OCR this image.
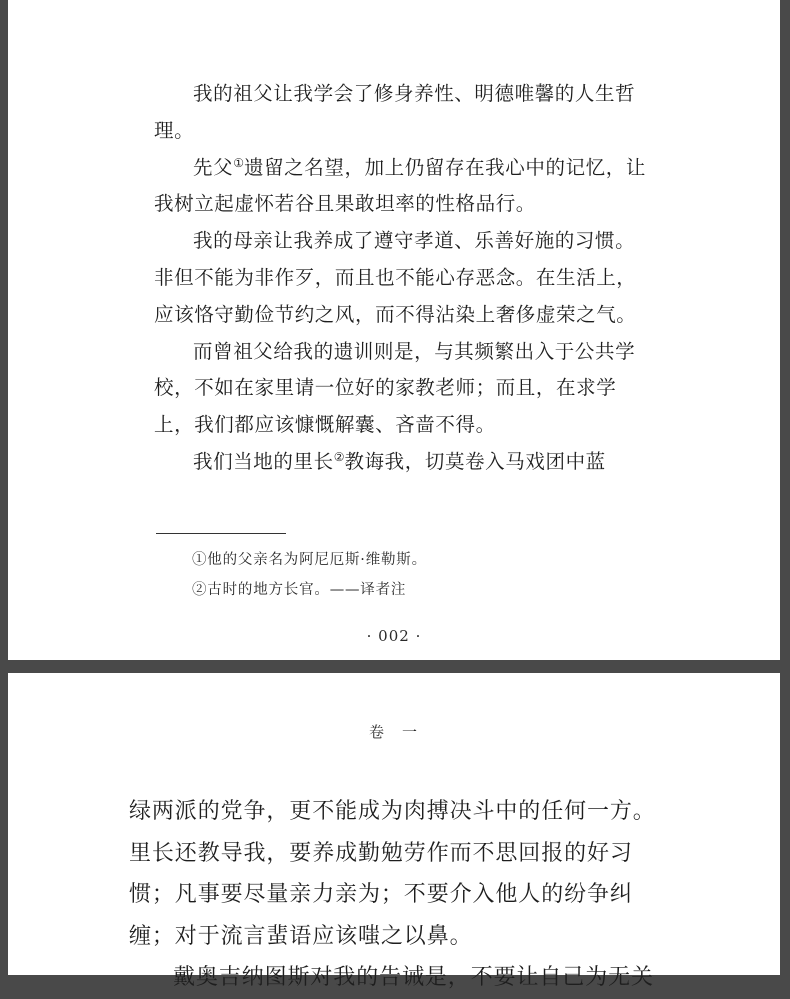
我的祖父让我学会了修身养性、明德唯馨的人生哲理。

先父①遗留之名望，加上仍留存在我心中的记忆，让我树立起虚怀若谷且果敢坦率的性格品行。

我的母亲让我养成了遵守孝道、乐善好施的习惯。非但不能为非作歹，而且也不能心存恶念。在生活上，应该恪守勤俭节约之风，而不得沾染上奢侈虚荣之气。

而曾祖父给我的遗训则是，与其频繁出入于公共学校，不如在家里请一位好的家教老师；而且，在求学上，我们都应该慷慨解囊、吝啬不得。

我们当地的里长②教诲我，切莫卷入马戏团中蓝

①他的父亲名为阿尼厄斯·维勒斯。
②古时的地方长官。——译者注
· 002 ·
卷 一

绿两派的党争，更不能成为肉搏决斗中的任何一方。

里长还教导我，要养成勤勉劳作而不思回报的好习惯；凡事要尽量亲力亲为；不要介入他人的纷争纠缠；对于流言蜚语应该嗤之以鼻。

戴奥吉纳图斯对我的告诫是，不要让自己为无关
